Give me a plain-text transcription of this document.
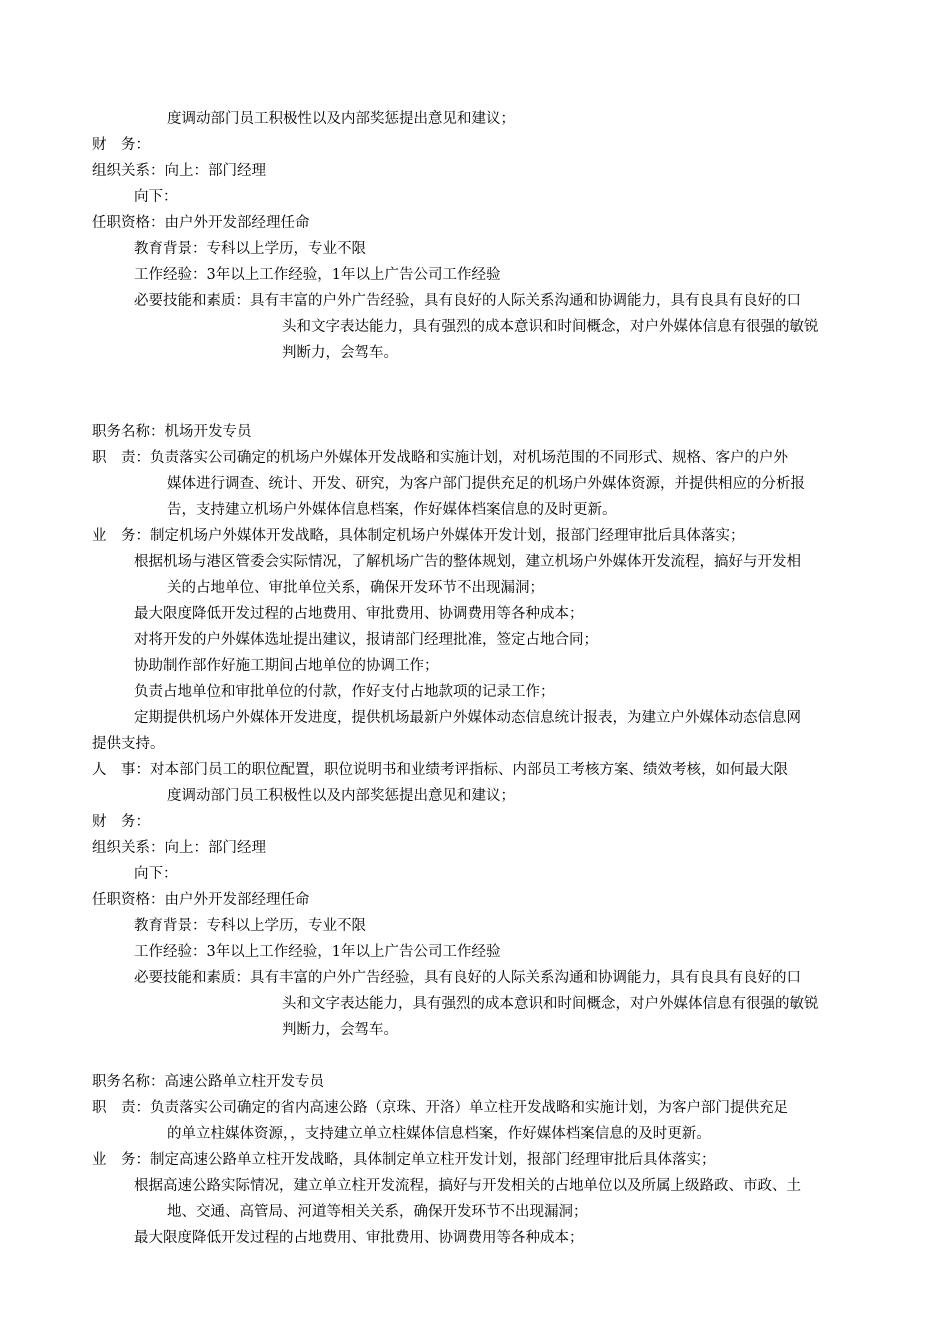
度调动部门员工积极性以及内部奖惩提出意见和建议；
财　务：
组织关系：向上：部门经理
向下：
任职资格：由户外开发部经理任命
教育背景：专科以上学历，专业不限
工作经验：3年以上工作经验，1年以上广告公司工作经验
必要技能和素质：具有丰富的户外广告经验，具有良好的人际关系沟通和协调能力，具有良具有良好的口
头和文字表达能力，具有强烈的成本意识和时间概念，对户外媒体信息有很强的敏锐
判断力，会驾车。
职务名称：机场开发专员
职　责：负责落实公司确定的机场户外媒体开发战略和实施计划，对机场范围的不同形式、规格、客户的户外
媒体进行调查、统计、开发、研究，为客户部门提供充足的机场户外媒体资源，并提供相应的分析报
告，支持建立机场户外媒体信息档案，作好媒体档案信息的及时更新。
业　务：制定机场户外媒体开发战略，具体制定机场户外媒体开发计划，报部门经理审批后具体落实；
根据机场与港区管委会实际情况，了解机场广告的整体规划，建立机场户外媒体开发流程，搞好与开发相
关的占地单位、审批单位关系，确保开发环节不出现漏洞；
最大限度降低开发过程的占地费用、审批费用、协调费用等各种成本；
对将开发的户外媒体选址提出建议，报请部门经理批准，签定占地合同；
协助制作部作好施工期间占地单位的协调工作；
负责占地单位和审批单位的付款，作好支付占地款项的记录工作；
定期提供机场户外媒体开发进度，提供机场最新户外媒体动态信息统计报表，为建立户外媒体动态信息网
提供支持。
人　事：对本部门员工的职位配置，职位说明书和业绩考评指标、内部员工考核方案、绩效考核，如何最大限
度调动部门员工积极性以及内部奖惩提出意见和建议；
财　务：
组织关系：向上：部门经理
向下：
任职资格：由户外开发部经理任命
教育背景：专科以上学历，专业不限
工作经验：3年以上工作经验，1年以上广告公司工作经验
必要技能和素质：具有丰富的户外广告经验，具有良好的人际关系沟通和协调能力，具有良具有良好的口
头和文字表达能力，具有强烈的成本意识和时间概念，对户外媒体信息有很强的敏锐
判断力，会驾车。
职务名称：高速公路单立柱开发专员
职　责：负责落实公司确定的省内高速公路（京珠、开洛）单立柱开发战略和实施计划，为客户部门提供充足
的单立柱媒体资源，，支持建立单立柱媒体信息档案，作好媒体档案信息的及时更新。
业　务：制定高速公路单立柱开发战略，具体制定单立柱开发计划，报部门经理审批后具体落实；
根据高速公路实际情况，建立单立柱开发流程，搞好与开发相关的占地单位以及所属上级路政、市政、土
地、交通、高管局、河道等相关关系，确保开发环节不出现漏洞；
最大限度降低开发过程的占地费用、审批费用、协调费用等各种成本；
